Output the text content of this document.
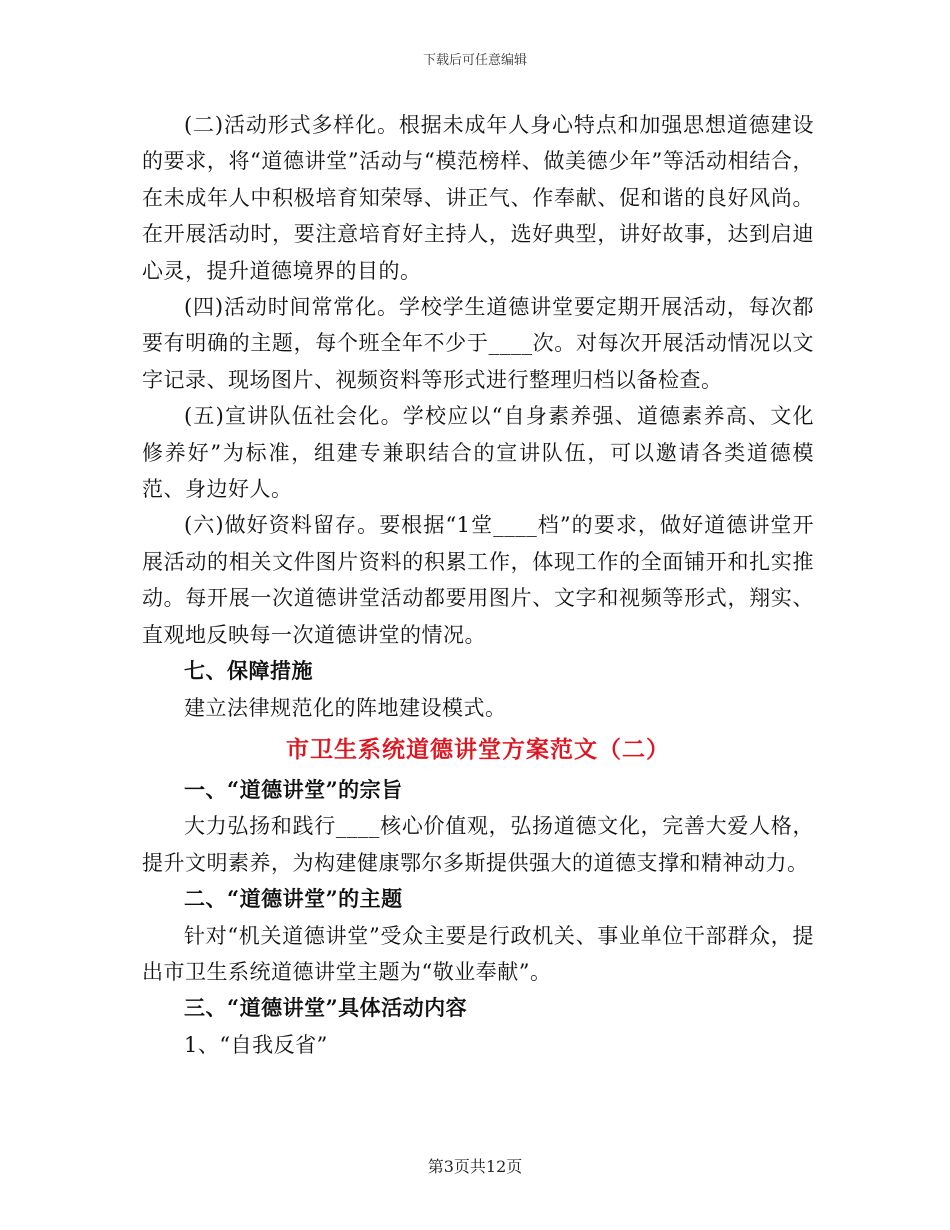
下载后可任意编辑

(二)活动形式多样化。根据未成年人身心特点和加强思想道德建设的要求，将“道德讲堂”活动与“模范榜样、做美德少年”等活动相结合，在未成年人中积极培育知荣辱、讲正气、作奉献、促和谐的良好风尚。在开展活动时，要注意培育好主持人，选好典型，讲好故事，达到启迪心灵，提升道德境界的目的。

(四)活动时间常常化。学校学生道德讲堂要定期开展活动，每次都要有明确的主题，每个班全年不少于____次。对每次开展活动情况以文字记录、现场图片、视频资料等形式进行整理归档以备检查。

(五)宣讲队伍社会化。学校应以“自身素养强、道德素养高、文化修养好”为标准，组建专兼职结合的宣讲队伍，可以邀请各类道德模范、身边好人。

(六)做好资料留存。要根据“1堂____档”的要求，做好道德讲堂开展活动的相关文件图片资料的积累工作，体现工作的全面铺开和扎实推动。每开展一次道德讲堂活动都要用图片、文字和视频等形式，翔实、直观地反映每一次道德讲堂的情况。

七、保障措施

建立法律规范化的阵地建设模式。

市卫生系统道德讲堂方案范文（二）

一、“道德讲堂”的宗旨

大力弘扬和践行____核心价值观，弘扬道德文化，完善大爱人格，提升文明素养，为构建健康鄂尔多斯提供强大的道德支撑和精神动力。

二、“道德讲堂”的主题

针对“机关道德讲堂”受众主要是行政机关、事业单位干部群众，提出市卫生系统道德讲堂主题为“敬业奉献”。

三、“道德讲堂”具体活动内容

1、“自我反省”

第3页共12页
